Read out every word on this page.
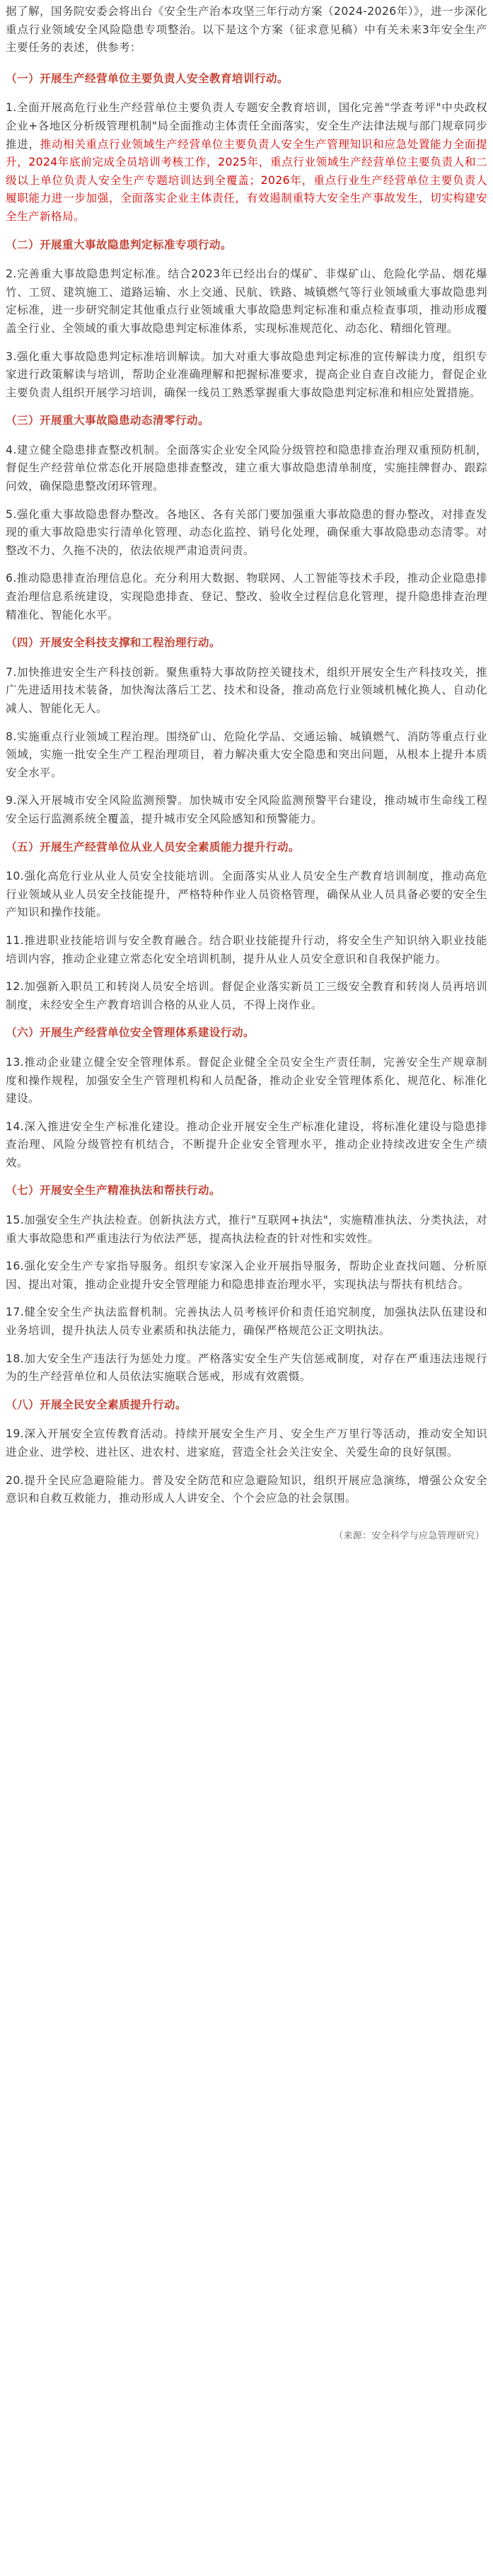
据了解，国务院安委会将出台《安全生产治本攻坚三年行动方案（2024-2026年）》，进一步深化重点行业领域安全风险隐患专项整治。以下是这个方案（征求意见稿）中有关未来3年安全生产主要任务的表述，供参考：

（一）开展生产经营单位主要负责人安全教育培训行动。

1.全面开展高危行业生产经营单位主要负责人专题安全教育培训，国化完善"学查考评"中央政权企业+各地区分析级管理机制"局全面推动主体责任全面落实，安全生产法律法规与部门规章同步推进，推动相关重点行业领域生产经营单位主要负责人安全生产管理知识和应急处置能力全面提升，2024年底前完成全员培训考核工作，2025年，重点行业领域生产经营单位主要负责人和二级以上单位负责人安全生产专题培训达到全覆盖；2026年，重点行业生产经营单位主要负责人履职能力进一步加强，全面落实企业主体责任，有效遏制重特大安全生产事故发生，切实构建安全生产新格局。

（二）开展重大事故隐患判定标准专项行动。

2.完善重大事故隐患判定标准。结合2023年已经出台的煤矿、非煤矿山、危险化学品、烟花爆竹、工贸、建筑施工、道路运输、水上交通、民航、铁路、城镇燃气等行业领域重大事故隐患判定标准，进一步研究制定其他重点行业领域重大事故隐患判定标准和重点检查事项，推动形成覆盖全行业、全领域的重大事故隐患判定标准体系，实现标准规范化、动态化、精细化管理。

3.强化重大事故隐患判定标准培训解读。加大对重大事故隐患判定标准的宣传解读力度，组织专家进行政策解读与培训，帮助企业准确理解和把握标准要求，提高企业自查自改能力，督促企业主要负责人组织开展学习培训，确保一线员工熟悉掌握重大事故隐患判定标准和相应处置措施。

（三）开展重大事故隐患动态清零行动。

4.建立健全隐患排查整改机制。全面落实企业安全风险分级管控和隐患排查治理双重预防机制，督促生产经营单位常态化开展隐患排查整改，建立重大事故隐患清单制度，实施挂牌督办、跟踪问效，确保隐患整改闭环管理。

5.强化重大事故隐患督办整改。各地区、各有关部门要加强重大事故隐患的督办整改，对排查发现的重大事故隐患实行清单化管理、动态化监控、销号化处理，确保重大事故隐患动态清零。对整改不力、久拖不决的，依法依规严肃追责问责。

6.推动隐患排查治理信息化。充分利用大数据、物联网、人工智能等技术手段，推动企业隐患排查治理信息系统建设，实现隐患排查、登记、整改、验收全过程信息化管理，提升隐患排查治理精准化、智能化水平。

（四）开展安全科技支撑和工程治理行动。

7.加快推进安全生产科技创新。聚焦重特大事故防控关键技术，组织开展安全生产科技攻关，推广先进适用技术装备，加快淘汰落后工艺、技术和设备，推动高危行业领域机械化换人、自动化减人、智能化无人。

8.实施重点行业领域工程治理。围绕矿山、危险化学品、交通运输、城镇燃气、消防等重点行业领域，实施一批安全生产工程治理项目，着力解决重大安全隐患和突出问题，从根本上提升本质安全水平。

9.深入开展城市安全风险监测预警。加快城市安全风险监测预警平台建设，推动城市生命线工程安全运行监测系统全覆盖，提升城市安全风险感知和预警能力。

（五）开展生产经营单位从业人员安全素质能力提升行动。

10.强化高危行业从业人员安全技能培训。全面落实从业人员安全生产教育培训制度，推动高危行业领域从业人员安全技能提升，严格特种作业人员资格管理，确保从业人员具备必要的安全生产知识和操作技能。

11.推进职业技能培训与安全教育融合。结合职业技能提升行动，将安全生产知识纳入职业技能培训内容，推动企业建立常态化安全培训机制，提升从业人员安全意识和自我保护能力。

12.加强新入职员工和转岗人员安全培训。督促企业落实新员工三级安全教育和转岗人员再培训制度，未经安全生产教育培训合格的从业人员，不得上岗作业。

（六）开展生产经营单位安全管理体系建设行动。

13.推动企业建立健全安全管理体系。督促企业健全全员安全生产责任制，完善安全生产规章制度和操作规程，加强安全生产管理机构和人员配备，推动企业安全管理体系化、规范化、标准化建设。

14.深入推进安全生产标准化建设。推动企业开展安全生产标准化建设，将标准化建设与隐患排查治理、风险分级管控有机结合，不断提升企业安全管理水平，推动企业持续改进安全生产绩效。

（七）开展安全生产精准执法和帮扶行动。

15.加强安全生产执法检查。创新执法方式，推行"互联网+执法"，实施精准执法、分类执法，对重大事故隐患和严重违法行为依法严惩，提高执法检查的针对性和实效性。

16.强化安全生产专家指导服务。组织专家深入企业开展指导服务，帮助企业查找问题、分析原因、提出对策，推动企业提升安全管理能力和隐患排查治理水平，实现执法与帮扶有机结合。

17.健全安全生产执法监督机制。完善执法人员考核评价和责任追究制度，加强执法队伍建设和业务培训，提升执法人员专业素质和执法能力，确保严格规范公正文明执法。

18.加大安全生产违法行为惩处力度。严格落实安全生产失信惩戒制度，对存在严重违法违规行为的生产经营单位和人员依法实施联合惩戒，形成有效震慑。

（八）开展全民安全素质提升行动。

19.深入开展安全宣传教育活动。持续开展安全生产月、安全生产万里行等活动，推动安全知识进企业、进学校、进社区、进农村、进家庭，营造全社会关注安全、关爱生命的良好氛围。

20.提升全民应急避险能力。普及安全防范和应急避险知识，组织开展应急演练，增强公众安全意识和自救互救能力，推动形成人人讲安全、个个会应急的社会氛围。

（来源：安全科学与应急管理研究）
